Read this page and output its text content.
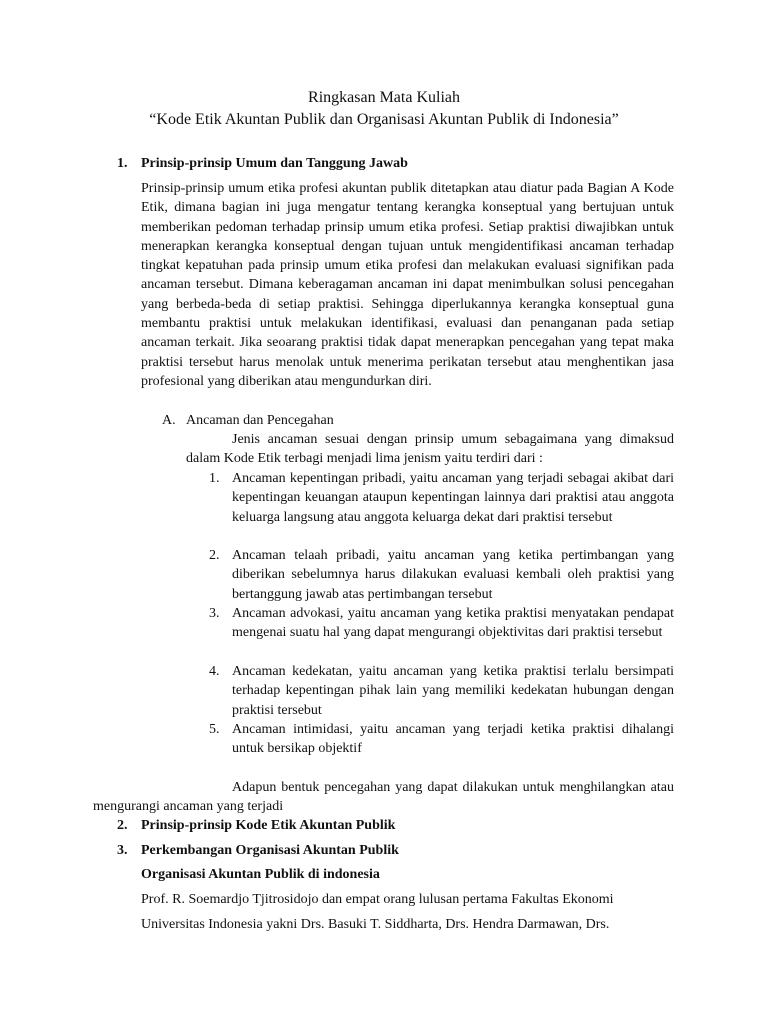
Ringkasan Mata Kuliah
“Kode Etik Akuntan Publik dan Organisasi Akuntan Publik di Indonesia”
1. Prinsip-prinsip Umum dan Tanggung Jawab
Prinsip-prinsip umum etika profesi akuntan publik ditetapkan atau diatur pada Bagian A Kode Etik, dimana bagian ini juga mengatur tentang kerangka konseptual yang bertujuan untuk memberikan pedoman terhadap prinsip umum etika profesi. Setiap praktisi diwajibkan untuk menerapkan kerangka konseptual dengan tujuan untuk mengidentifikasi ancaman terhadap tingkat kepatuhan pada prinsip umum etika profesi dan melakukan evaluasi signifikan pada ancaman tersebut. Dimana keberagaman ancaman ini dapat menimbulkan solusi pencegahan yang berbeda-beda di setiap praktisi. Sehingga diperlukannya kerangka konseptual guna membantu praktisi untuk melakukan identifikasi, evaluasi dan penanganan pada setiap ancaman terkait. Jika seoarang praktisi tidak dapat menerapkan pencegahan yang tepat maka praktisi tersebut harus menolak untuk menerima perikatan tersebut atau menghentikan jasa profesional yang diberikan atau mengundurkan diri.
A. Ancaman dan Pencegahan
Jenis ancaman sesuai dengan prinsip umum sebagaimana yang dimaksud dalam Kode Etik terbagi menjadi lima jenism yaitu terdiri dari :
1. Ancaman kepentingan pribadi, yaitu ancaman yang terjadi sebagai akibat dari kepentingan keuangan ataupun kepentingan lainnya dari praktisi atau anggota keluarga langsung atau anggota keluarga dekat dari praktisi tersebut
2. Ancaman telaah pribadi, yaitu ancaman yang ketika pertimbangan yang diberikan sebelumnya harus dilakukan evaluasi kembali oleh praktisi yang bertanggung jawab atas pertimbangan tersebut
3. Ancaman advokasi, yaitu ancaman yang ketika praktisi menyatakan pendapat mengenai suatu hal yang dapat mengurangi objektivitas dari praktisi tersebut
4. Ancaman kedekatan, yaitu ancaman yang ketika praktisi terlalu bersimpati terhadap kepentingan pihak lain yang memiliki kedekatan hubungan dengan praktisi tersebut
5. Ancaman intimidasi, yaitu ancaman yang terjadi ketika praktisi dihalangi untuk bersikap objektif
Adapun bentuk pencegahan yang dapat dilakukan untuk menghilangkan atau mengurangi ancaman yang terjadi
2. Prinsip-prinsip Kode Etik Akuntan Publik
3. Perkembangan Organisasi Akuntan Publik
Organisasi Akuntan Publik di indonesia
Prof. R. Soemardjo Tjitrosidojo dan empat orang lulusan pertama Fakultas Ekonomi
Universitas Indonesia yakni Drs. Basuki T. Siddharta, Drs. Hendra Darmawan, Drs.
